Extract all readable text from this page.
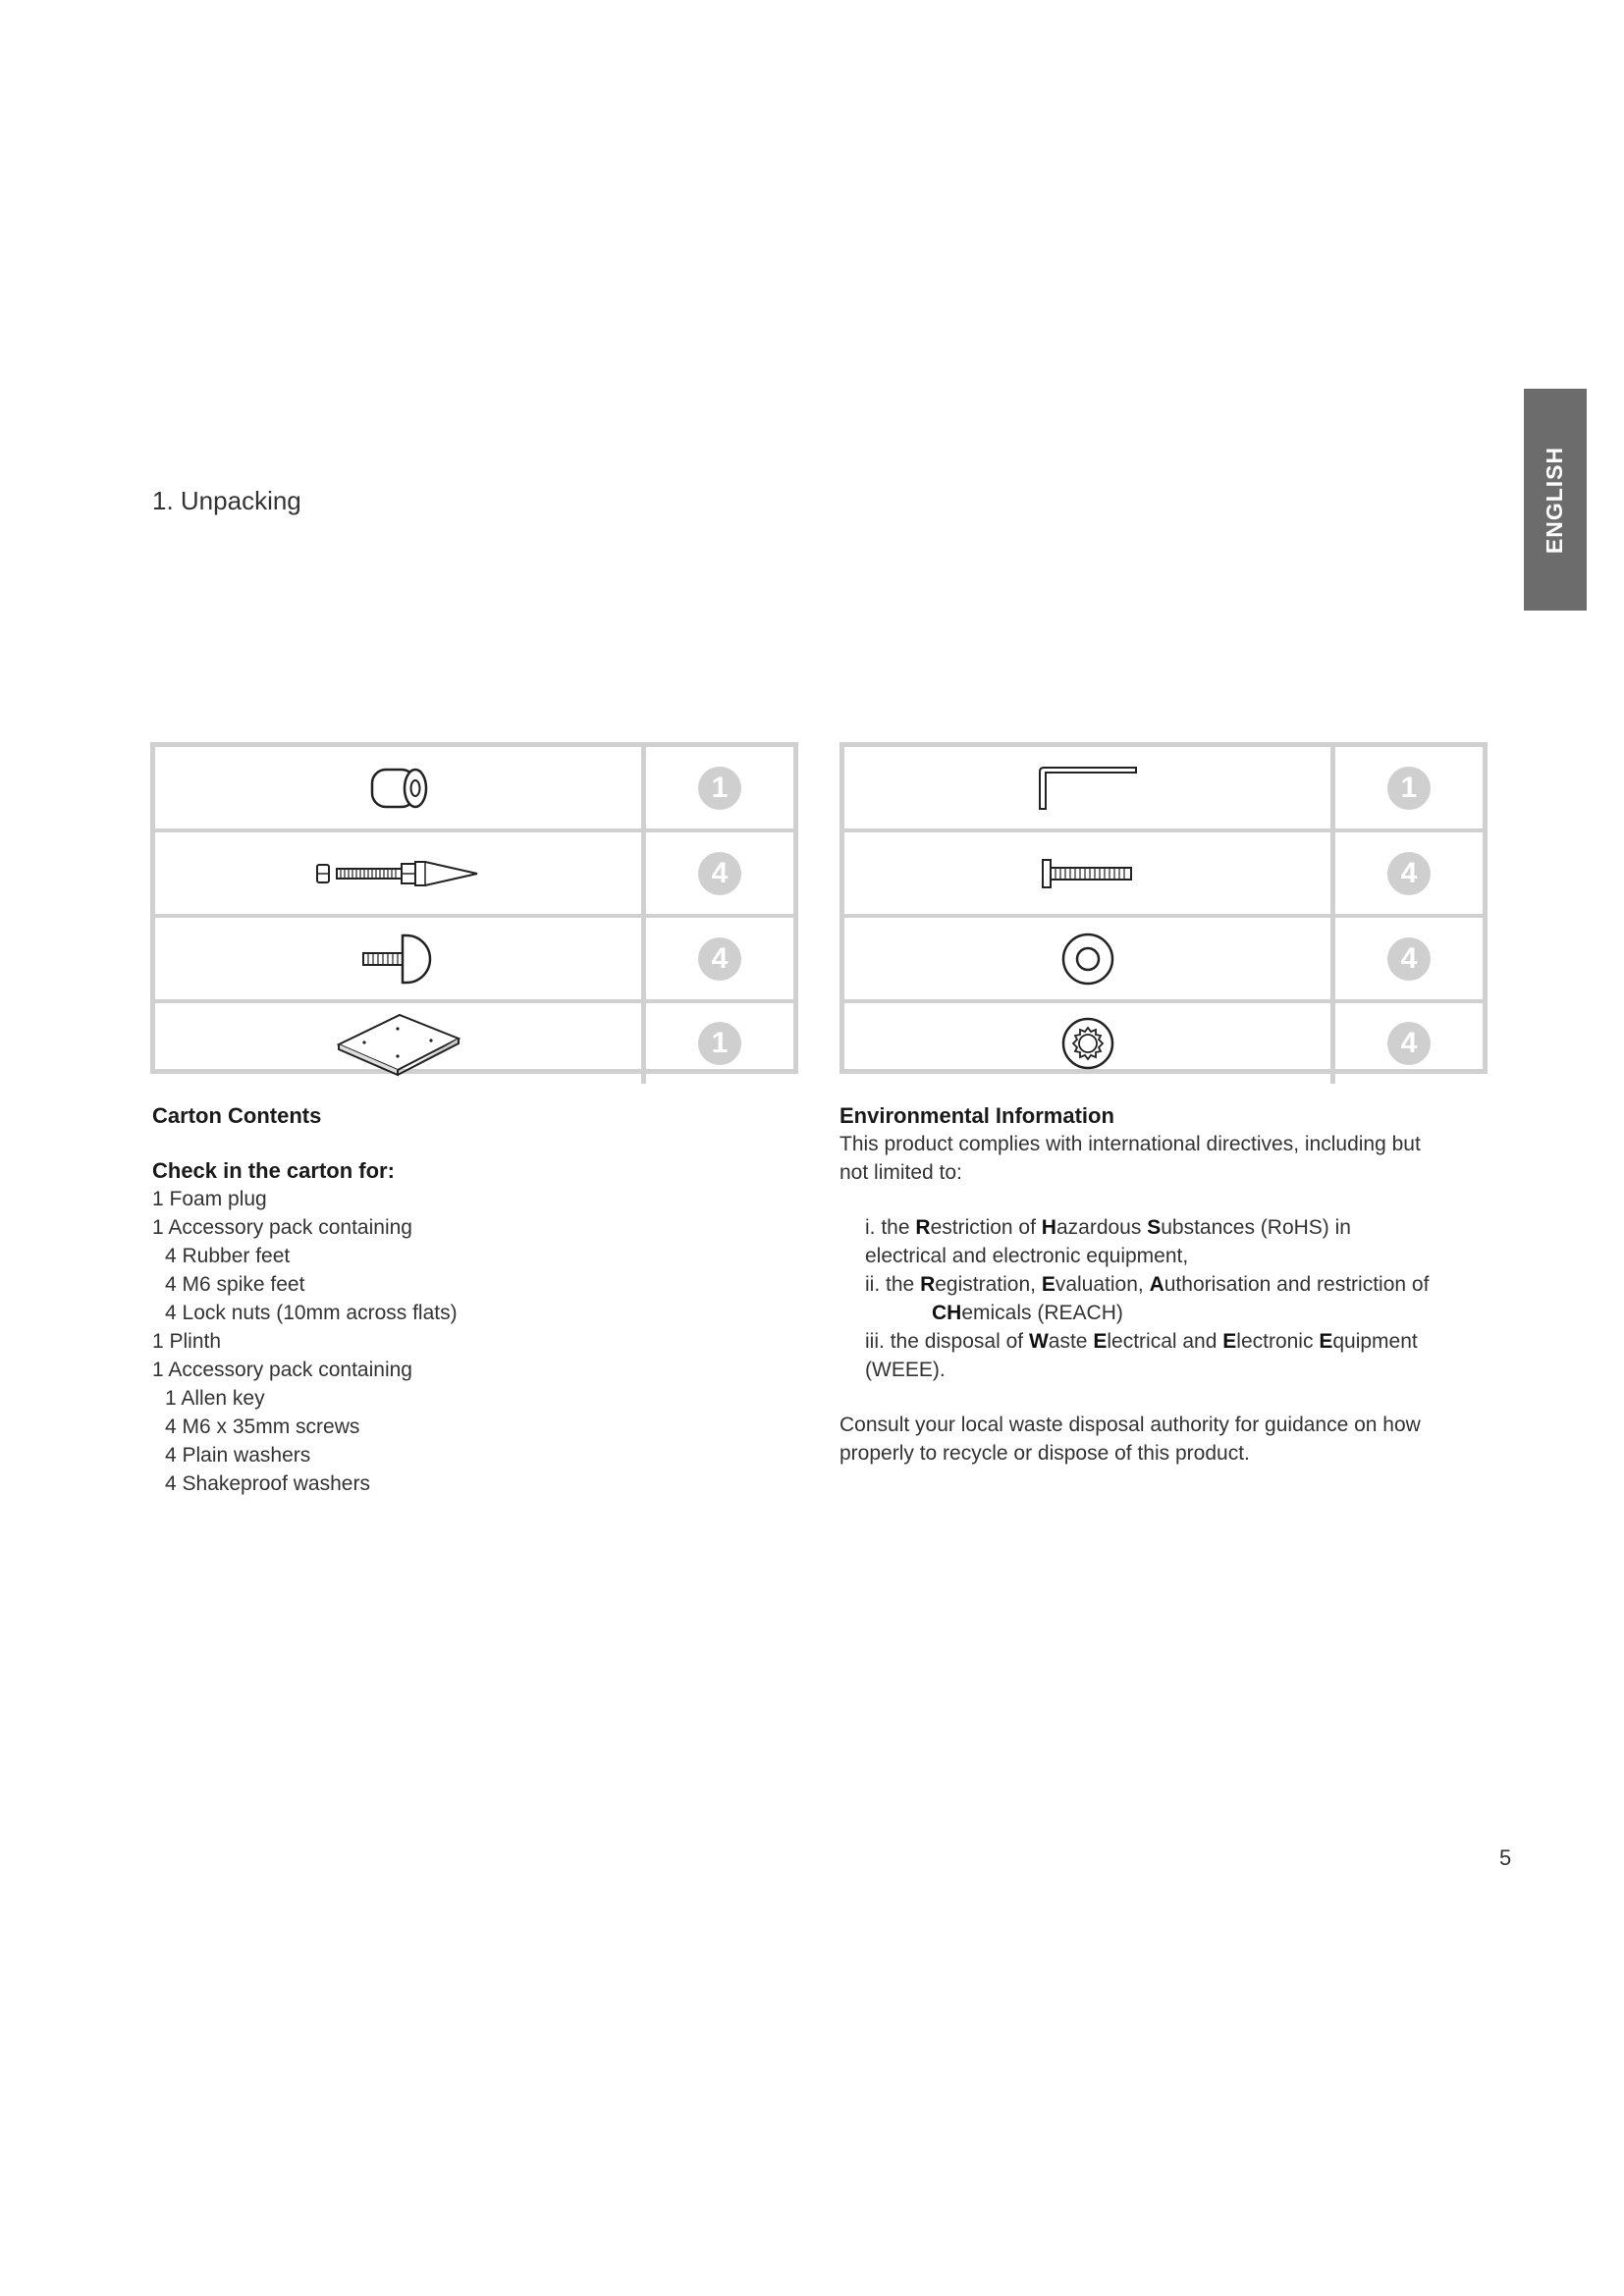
ENGLISH
1. Unpacking
1
4
4
1
1
4
4
4
Carton Contents
Check in the carton for:
1 Foam plug
1 Accessory pack containing
4 Rubber feet
4 M6 spike feet
4 Lock nuts (10mm across flats)
1 Plinth
1 Accessory pack containing
1 Allen key
4 M6 x 35mm screws
4 Plain washers
4 Shakeproof washers
Environmental Information
This product complies with international directives, including but
not limited to:
i. the Restriction of Hazardous Substances (RoHS) in
electrical and electronic equipment,
ii. the Registration, Evaluation, Authorisation and restriction of
CHemicals (REACH)
iii. the disposal of Waste Electrical and Electronic Equipment
(WEEE).
Consult your local waste disposal authority for guidance on how
properly to recycle or dispose of this product.
5
